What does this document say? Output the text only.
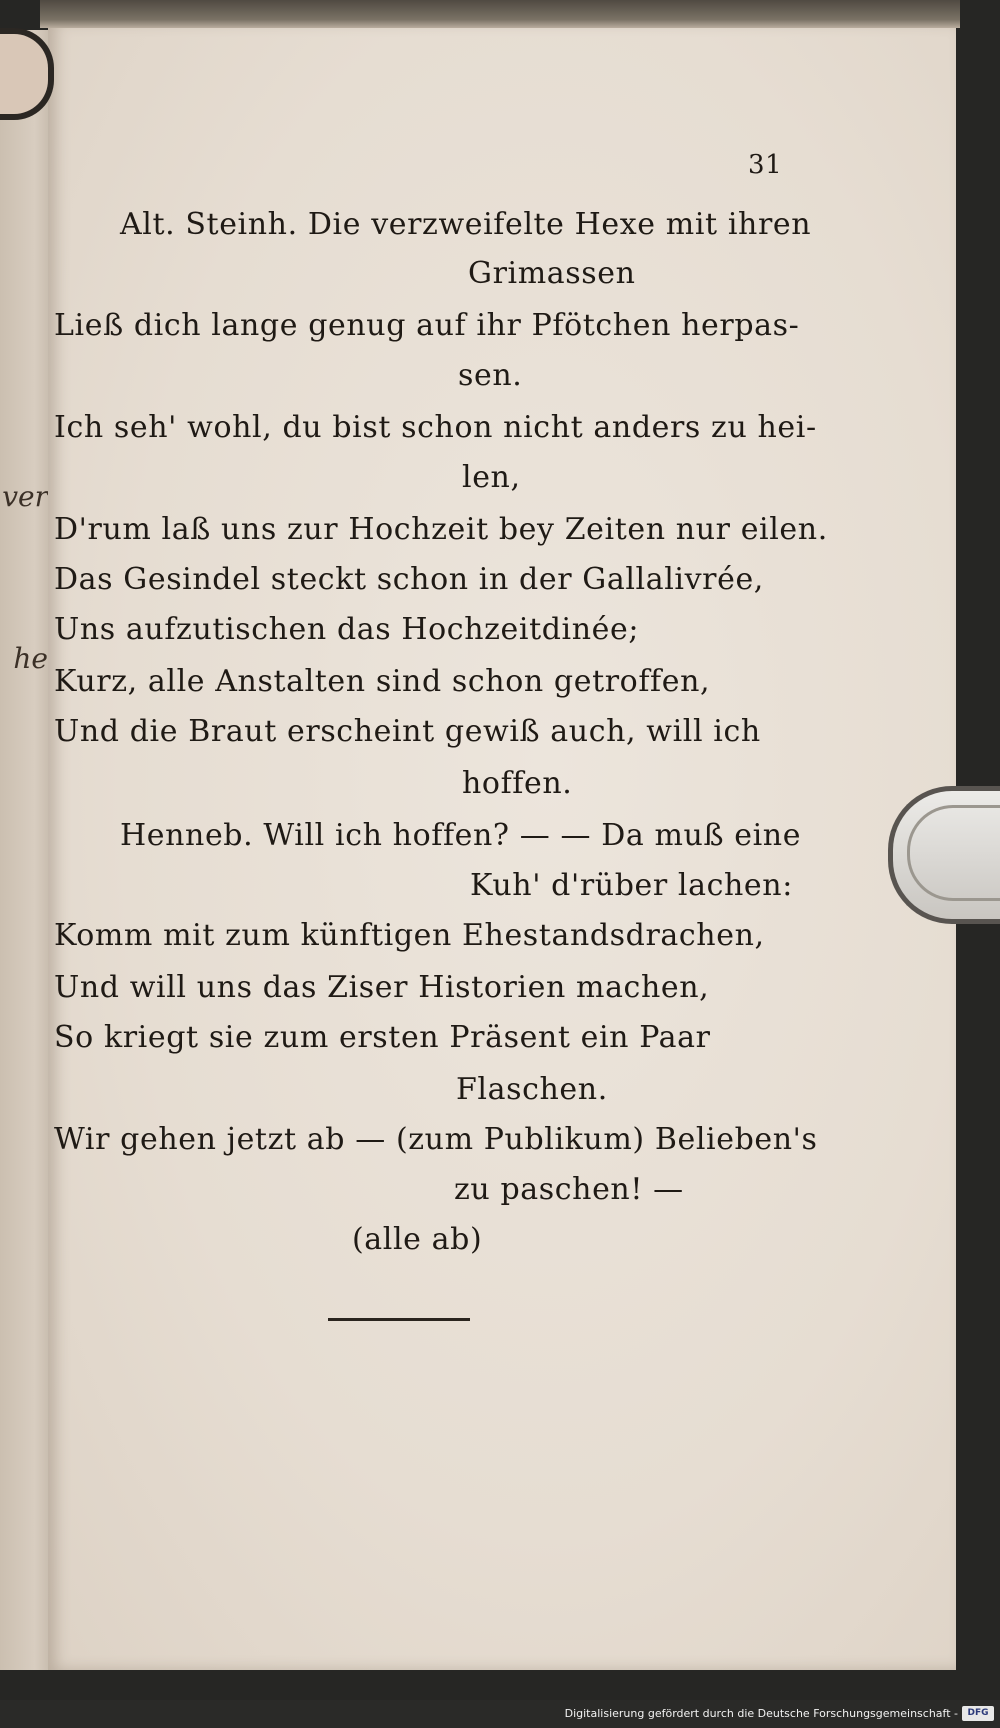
ver
he
31
Alt. Steinh. Die verzweifelte Hexe mit ihren
Grimassen
Ließ dich lange genug auf ihr Pfötchen herpas-
sen.
Ich seh' wohl, du bist schon nicht anders zu hei-
len,
D'rum laß uns zur Hochzeit bey Zeiten nur eilen.
Das Gesindel steckt schon in der Gallalivrée,
Uns aufzutischen das Hochzeitdinée;
Kurz, alle Anstalten sind schon getroffen,
Und die Braut erscheint gewiß auch, will ich
hoffen.
Henneb. Will ich hoffen? — — Da muß eine
Kuh' d'rüber lachen:
Komm mit zum künftigen Ehestandsdrachen,
Und will uns das Ziser Historien machen,
So kriegt sie zum ersten Präsent ein Paar
Flaschen.
Wir gehen jetzt ab — (zum Publikum) Belieben's
zu paschen! —
(alle ab)
Digitalisierung gefördert durch die Deutsche Forschungsgemeinschaft -	DFG
